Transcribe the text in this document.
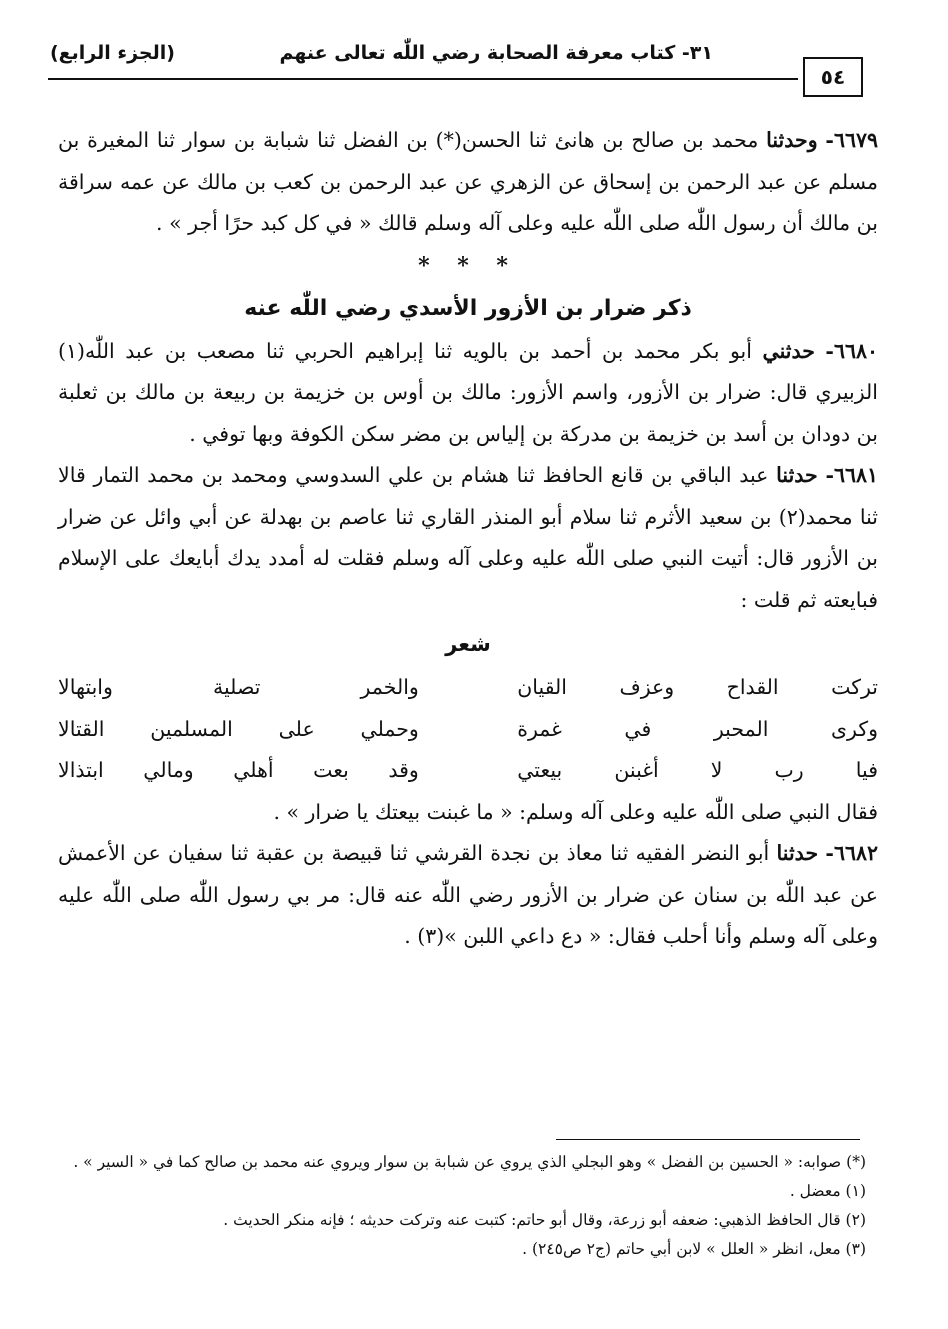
٣١- كتاب معرفة الصحابة رضي اللّٰه تعالى عنهم
(الجزء الرابع)
٥٤

٦٦٧٩- وحدثنا محمد بن صالح بن هانئ ثنا الحسن(*) بن الفضل ثنا شبابة بن سوار ثنا المغيرة بن مسلم عن عبد الرحمن بن إسحاق عن الزهري عن عبد الرحمن بن كعب بن مالك عن عمه سراقة بن مالك أن رسول اللّٰه صلى اللّٰه عليه وعلى آله وسلم قالك « في كل كبد حرًا أجر » .

* * *
ذكر ضرار بن الأزور الأسدي رضي اللّٰه عنه

٦٦٨٠- حدثني أبو بكر محمد بن أحمد بن بالويه ثنا إبراهيم الحربي ثنا مصعب بن عبد اللّٰه(١) الزبيري قال: ضرار بن الأزور، واسم الأزور: مالك بن أوس بن خزيمة بن ربيعة بن مالك بن ثعلبة بن دودان بن أسد بن خزيمة بن مدركة بن إلياس بن مضر سكن الكوفة وبها توفي .

٦٦٨١- حدثنا عبد الباقي بن قانع الحافظ ثنا هشام بن علي السدوسي ومحمد بن محمد التمار قالا ثنا محمد(٢) بن سعيد الأثرم ثنا سلام أبو المنذر القاري ثنا عاصم بن بهدلة عن أبي وائل عن ضرار بن الأزور قال: أتيت النبي صلى اللّٰه عليه وعلى آله وسلم فقلت له أمدد يدك أبايعك على الإسلام فبايعته ثم قلت :

شعر
تركت القداح وعزف القيان
والخمر تصلية وابتهالا
وكرى المحبر في غمرة
وحملي على المسلمين القتالا
فيا رب لا أغبنن بيعتي
وقد بعت أهلي ومالي ابتذالا

فقال النبي صلى اللّٰه عليه وعلى آله وسلم: « ما غبنت بيعتك يا ضرار » .

٦٦٨٢- حدثنا أبو النضر الفقيه ثنا معاذ بن نجدة القرشي ثنا قبيصة بن عقبة ثنا سفيان عن الأعمش عن عبد اللّٰه بن سنان عن ضرار بن الأزور رضي اللّٰه عنه قال: مر بي رسول اللّٰه صلى اللّٰه عليه وعلى آله وسلم وأنا أحلب فقال: « دع داعي اللبن »(٣) .

(*) صوابه: « الحسين بن الفضل » وهو البجلي الذي يروي عن شبابة بن سوار ويروي عنه محمد بن صالح كما في « السير » . (١) معضل .

(٢) قال الحافظ الذهبي: ضعفه أبو زرعة، وقال أبو حاتم: كتبت عنه وتركت حديثه ؛ فإنه منكر الحديث .

(٣) معل، انظر « العلل » لابن أبي حاتم (ج٢ ص٢٤٥) .
